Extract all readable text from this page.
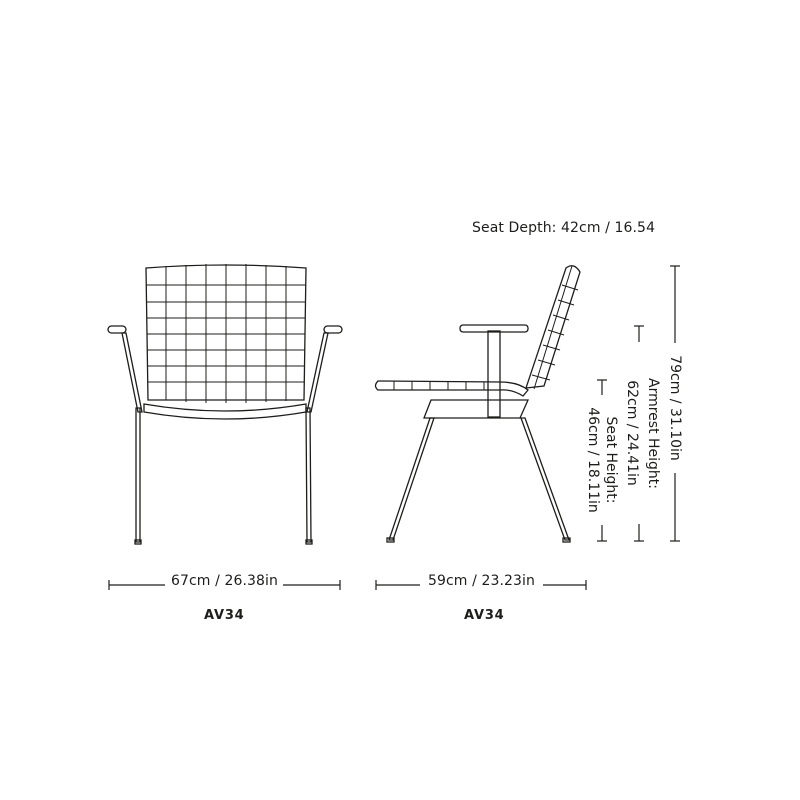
Seat Depth: 42cm / 16.54
67cm / 26.38in
AV34
59cm / 23.23in
AV34
79cm / 31.10in
Armrest Height:
62cm / 24.41in
Seat Height:
46cm / 18.11in
